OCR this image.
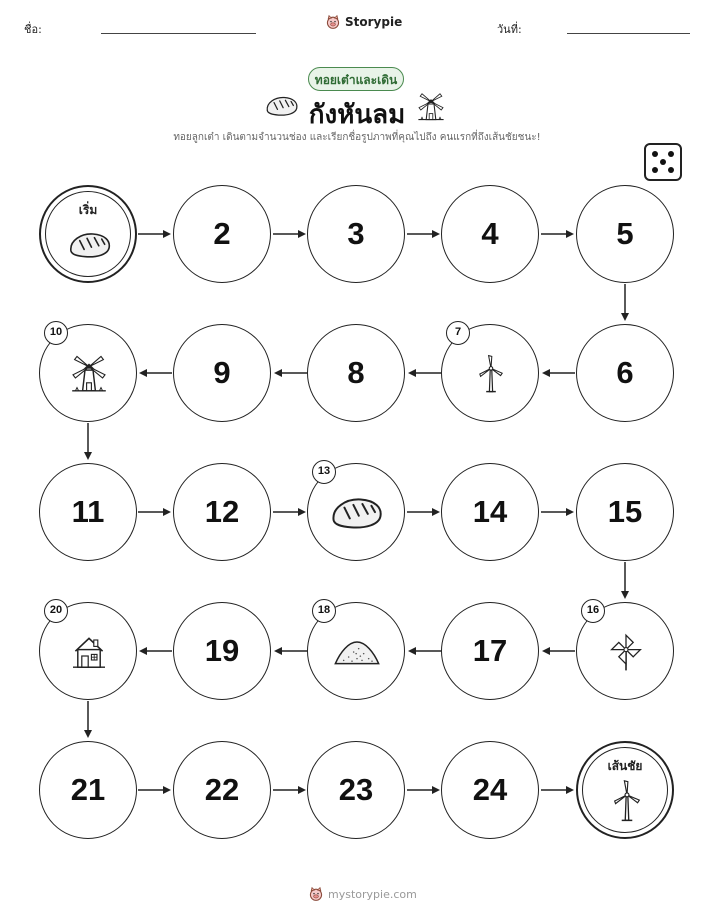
ชื่อ:
Storypie
วันที่:
ทอยเต๋าและเดิน
กังหันลม
ทอยลูกเต๋า เดินตามจำนวนช่อง และเรียกชื่อรูปภาพที่คุณไปถึง คนแรกที่ถึงเส้นชัยชนะ!
เริ่ม
2	3	4	5
10
9	8
7
6
11	12
13
14	15
20
19
18
17
16
21	22	23	24
เส้นชัย
mystorypie.com
